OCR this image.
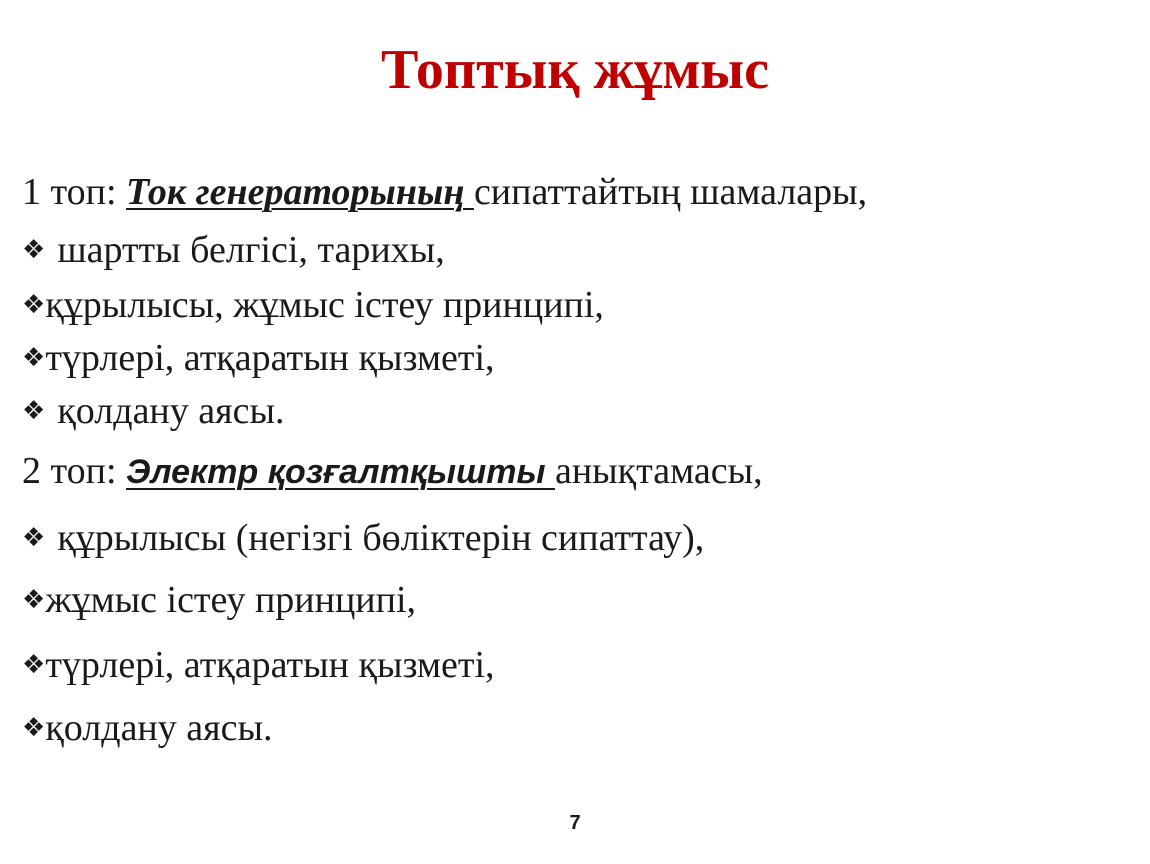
Топтық жұмыс
1 топ: Ток генераторының сипаттайтың шамалары,
❖ шартты белгісі, тарихы,
❖құрылысы, жұмыс істеу принципі,
❖түрлері, атқаратын қызметі,
❖ қолдану аясы.
2 топ: Электр қозғалтқышты анықтамасы,
❖ құрылысы (негізгі бөліктерін сипаттау),
❖жұмыс істеу принципі,
❖түрлері, атқаратын қызметі,
❖қолдану аясы.
7
